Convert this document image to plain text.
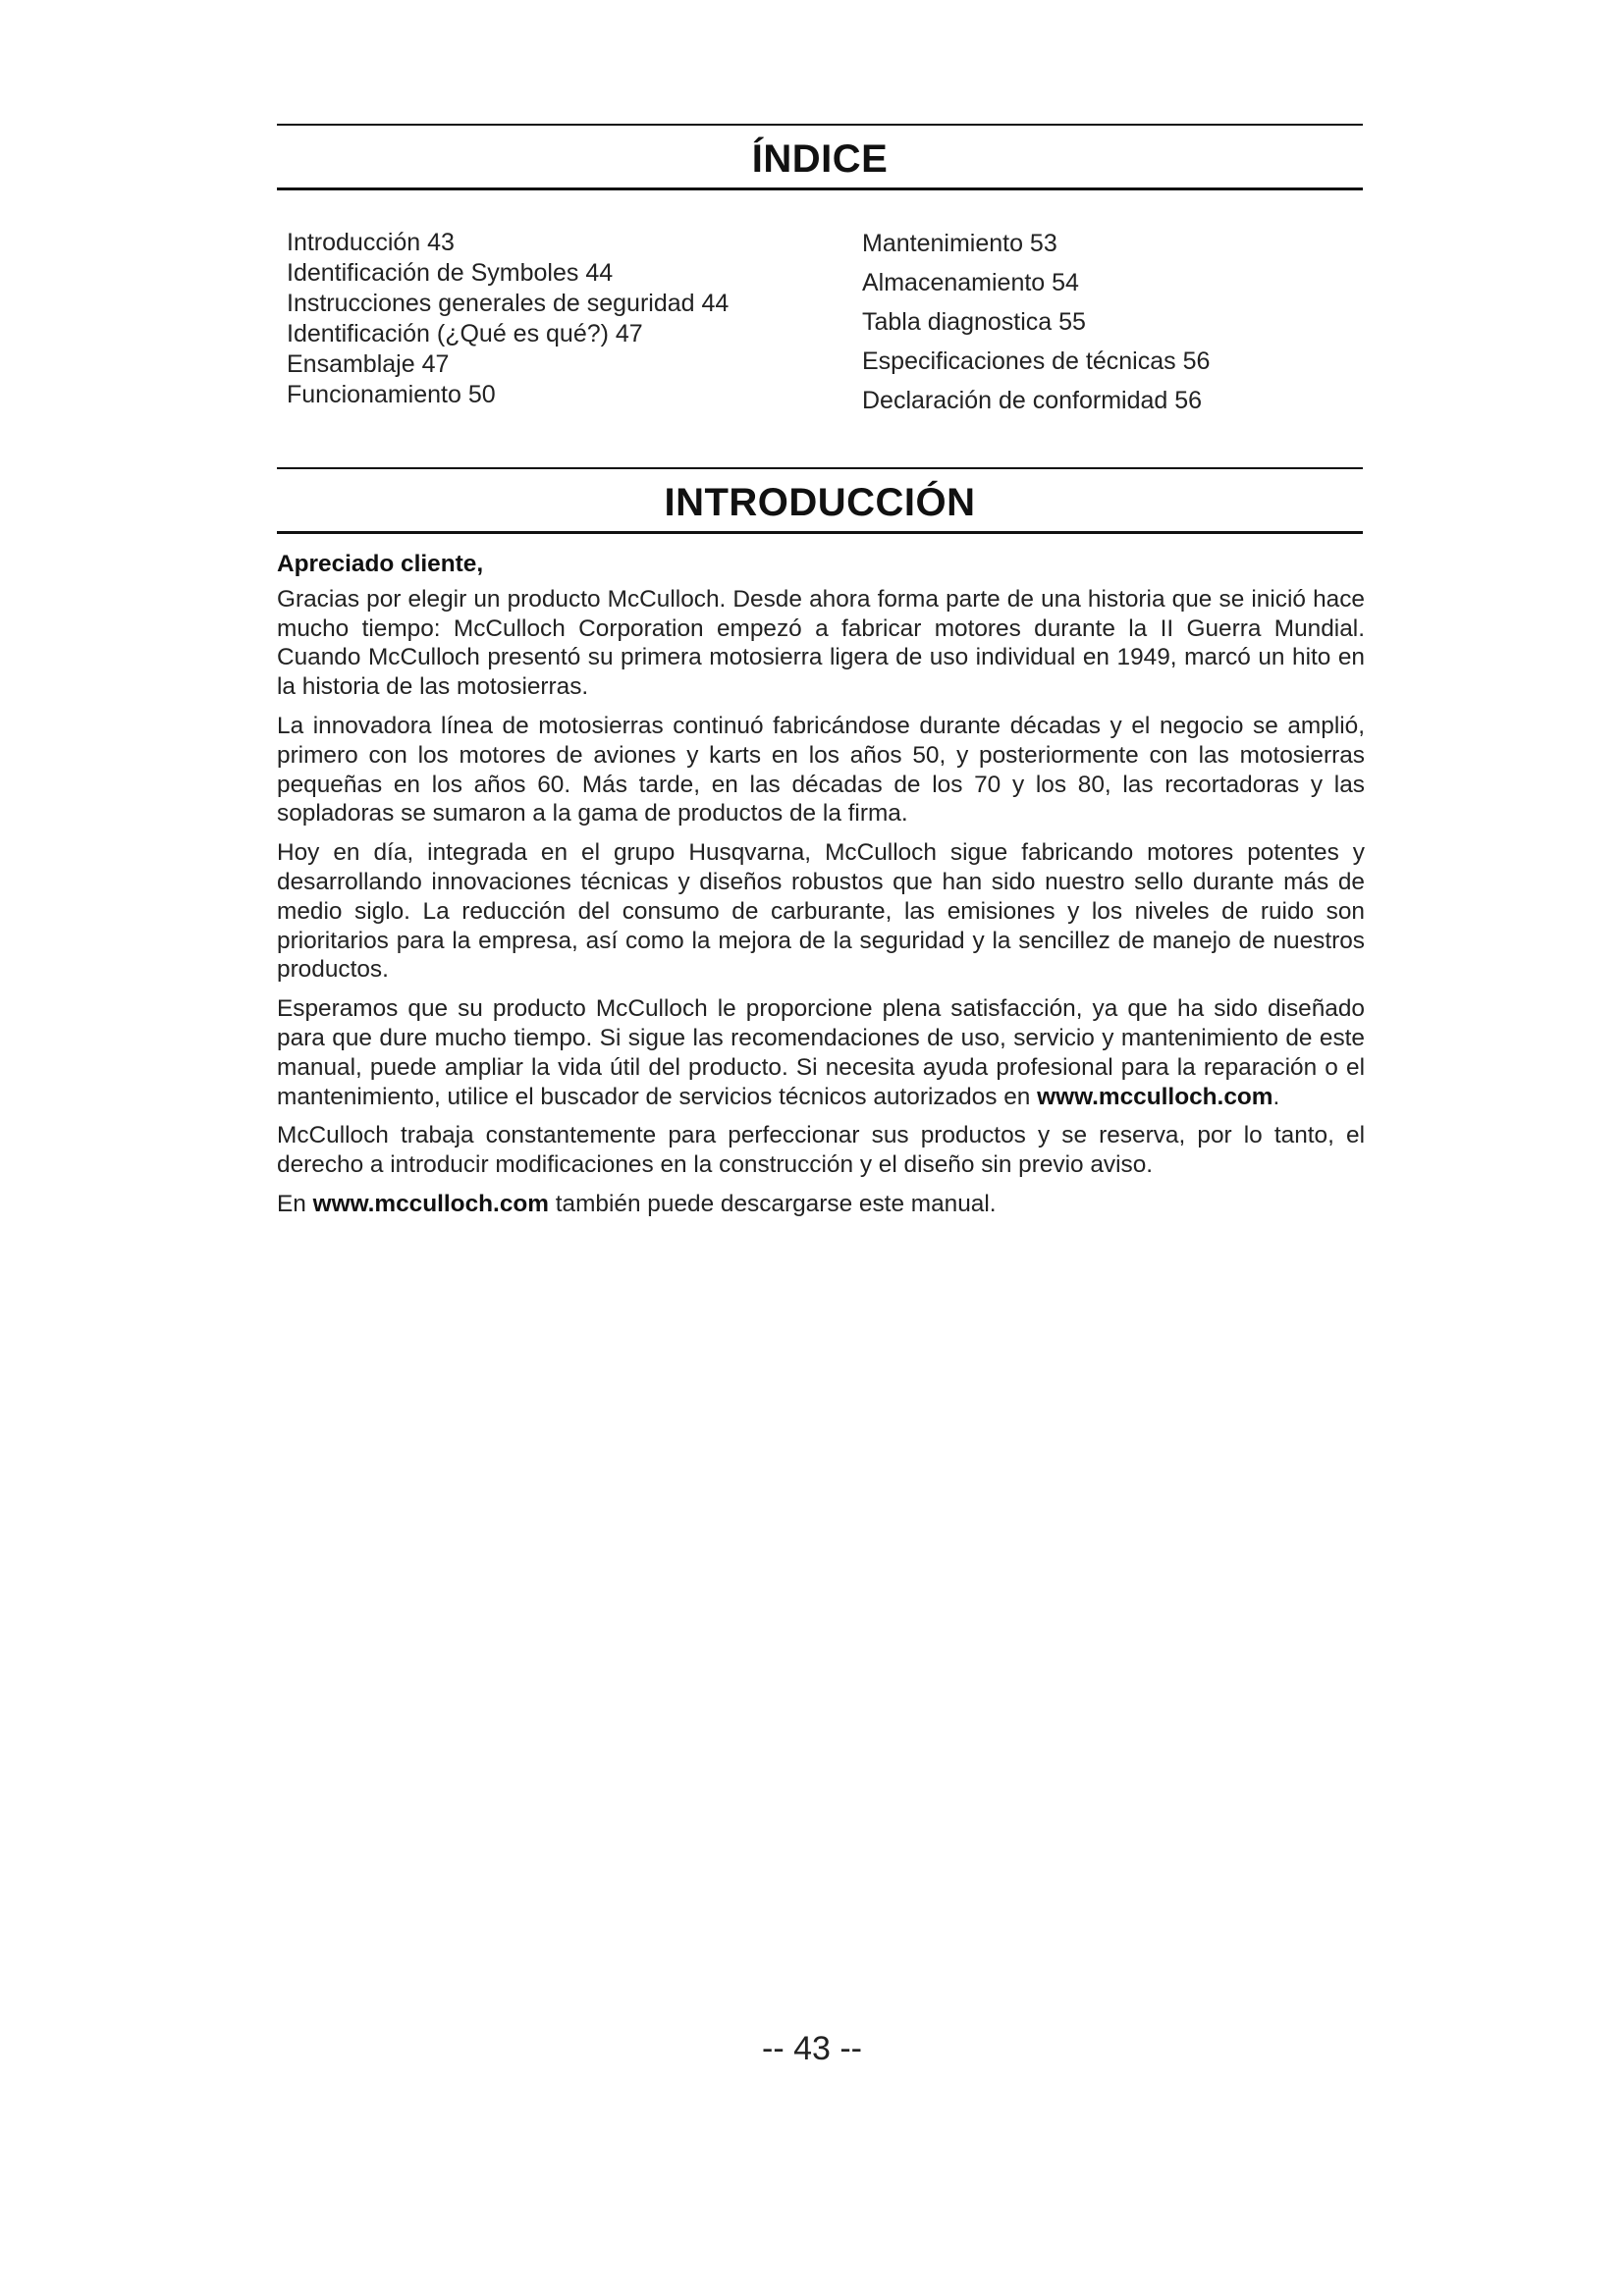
ÍNDICE
Introducción 43
Identificación de Symboles 44
Instrucciones generales de seguridad 44
Identificación (¿Qué es qué?) 47
Ensamblaje 47
Funcionamiento 50
Mantenimiento 53
Almacenamiento 54
Tabla diagnostica 55
Especificaciones de técnicas 56
Declaración de conformidad 56
INTRODUCCIÓN
Apreciado cliente,

Gracias por elegir un producto McCulloch. Desde ahora forma parte de una historia que se inició hace mucho tiempo: McCulloch Corporation empezó a fabricar motores durante la II Guerra Mundial. Cuando McCulloch presentó su primera motosierra ligera de uso individual en 1949, marcó un hito en la historia de las motosierras.

La innovadora línea de motosierras continuó fabricándose durante décadas y el negocio se amplió, primero con los motores de aviones y karts en los años 50, y posteriormente con las motosierras pequeñas en los años 60. Más tarde, en las décadas de los 70 y los 80, las recortadoras y las sopladoras se sumaron a la gama de productos de la firma.

Hoy en día, integrada en el grupo Husqvarna, McCulloch sigue fabricando motores potentes y desarrollando innovaciones técnicas y diseños robustos que han sido nuestro sello durante más de medio siglo. La reducción del consumo de carburante, las emisiones y los niveles de ruido son prioritarios para la empresa, así como la mejora de la seguridad y la sencillez de manejo de nuestros productos.

Esperamos que su producto McCulloch le proporcione plena satisfacción, ya que ha sido diseñado para que dure mucho tiempo. Si sigue las recomendaciones de uso, servicio y mantenimiento de este manual, puede ampliar la vida útil del producto. Si necesita ayuda profesional para la reparación o el mantenimiento, utilice el buscador de servicios técnicos autorizados en www.mcculloch.com.

McCulloch trabaja constantemente para perfeccionar sus productos y se reserva, por lo tanto, el derecho a introducir modificaciones en la construcción y el diseño sin previo aviso.

En www.mcculloch.com también puede descargarse este manual.

-- 43 --
